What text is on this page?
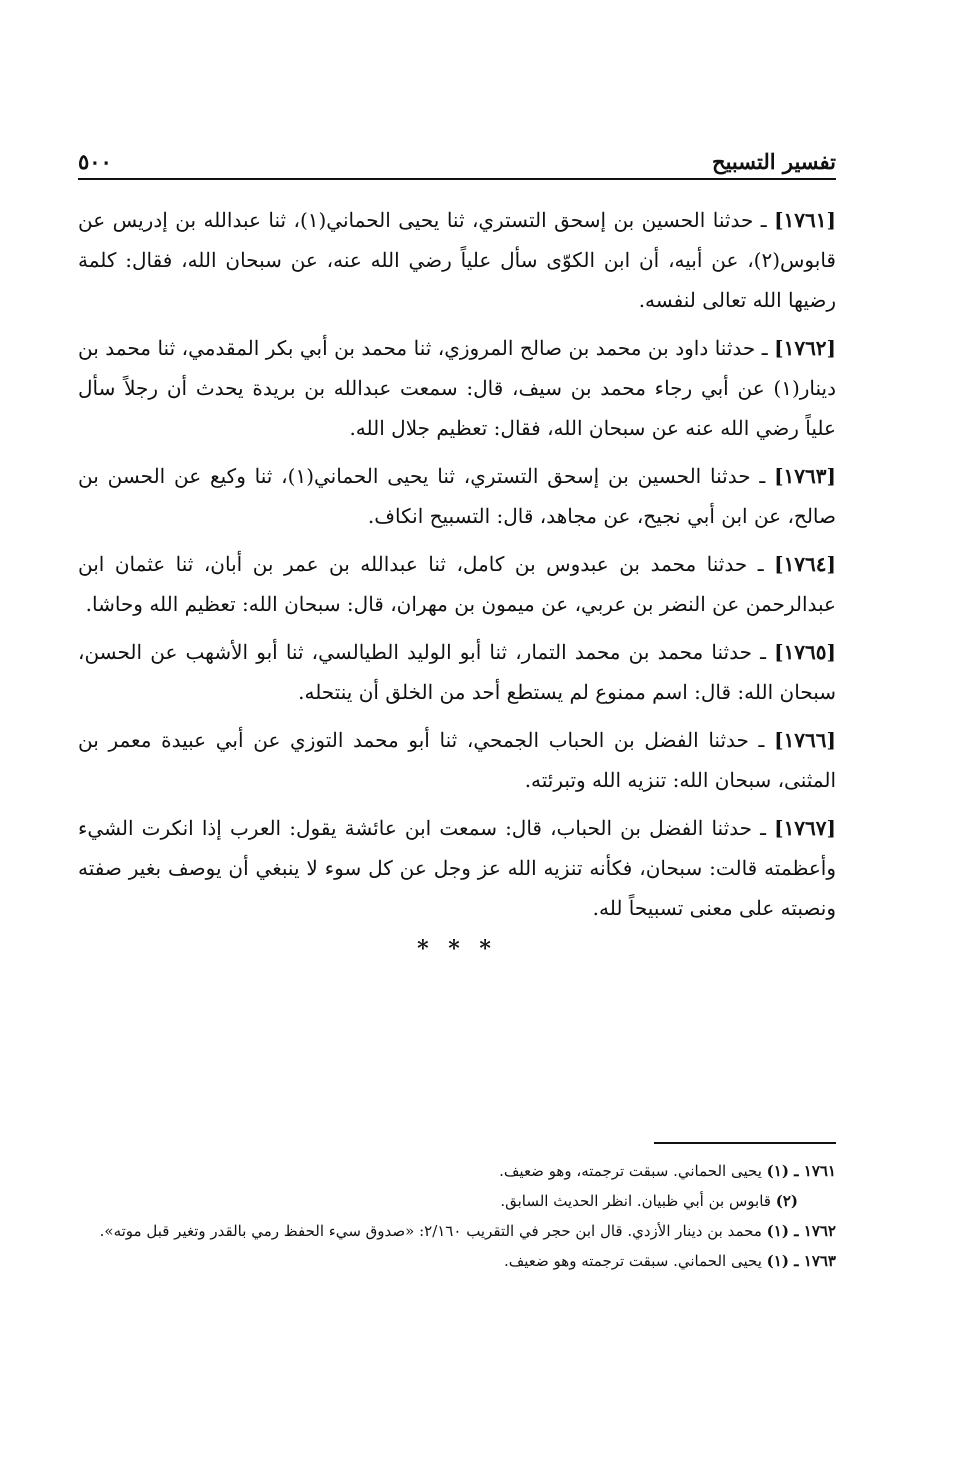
٥٠٠	تفسير التسبيح

[١٧٦١] ـ حدثنا الحسين بن إسحق التستري، ثنا يحيى الحماني(١)، ثنا عبدالله بن إدريس عن قابوس(٢)، عن أبيه، أن ابن الكوّى سأل علياً رضي الله عنه، عن سبحان الله، فقال: كلمة رضيها الله تعالى لنفسه.

[١٧٦٢] ـ حدثنا داود بن محمد بن صالح المروزي، ثنا محمد بن أبي بكر المقدمي، ثنا محمد بن دينار(١) عن أبي رجاء محمد بن سيف، قال: سمعت عبدالله بن بريدة يحدث أن رجلاً سأل علياً رضي الله عنه عن سبحان الله، فقال: تعظيم جلال الله.

[١٧٦٣] ـ حدثنا الحسين بن إسحق التستري، ثنا يحيى الحماني(١)، ثنا وكيع عن الحسن بن صالح، عن ابن أبي نجيح، عن مجاهد، قال: التسبيح انكاف.

[١٧٦٤] ـ حدثنا محمد بن عبدوس بن كامل، ثنا عبدالله بن عمر بن أبان، ثنا عثمان ابن عبدالرحمن عن النضر بن عربي، عن ميمون بن مهران، قال: سبحان الله: تعظيم الله وحاشا.

[١٧٦٥] ـ حدثنا محمد بن محمد التمار، ثنا أبو الوليد الطيالسي، ثنا أبو الأشهب عن الحسن، سبحان الله: قال: اسم ممنوع لم يستطع أحد من الخلق أن ينتحله.

[١٧٦٦] ـ حدثنا الفضل بن الحباب الجمحي، ثنا أبو محمد التوزي عن أبي عبيدة معمر بن المثنى، سبحان الله: تنزيه الله وتبرئته.

[١٧٦٧] ـ حدثنا الفضل بن الحباب، قال: سمعت ابن عائشة يقول: العرب إذا انكرت الشيء وأعظمته قالت: سبحان، فكأنه تنزيه الله عز وجل عن كل سوء لا ينبغي أن يوصف بغير صفته ونصبته على معنى تسبيحاً لله.

* * *

١٧٦١ ـ (١) يحيى الحماني. سبقت ترجمته، وهو ضعيف.

(٢) قابوس بن أبي ظبيان. انظر الحديث السابق.

١٧٦٢ ـ (١) محمد بن دينار الأزدي. قال ابن حجر في التقريب ٢/١٦٠: «صدوق سيء الحفظ رمي بالقدر وتغير قبل موته».

١٧٦٣ ـ (١) يحيى الحماني. سبقت ترجمته وهو ضعيف.
